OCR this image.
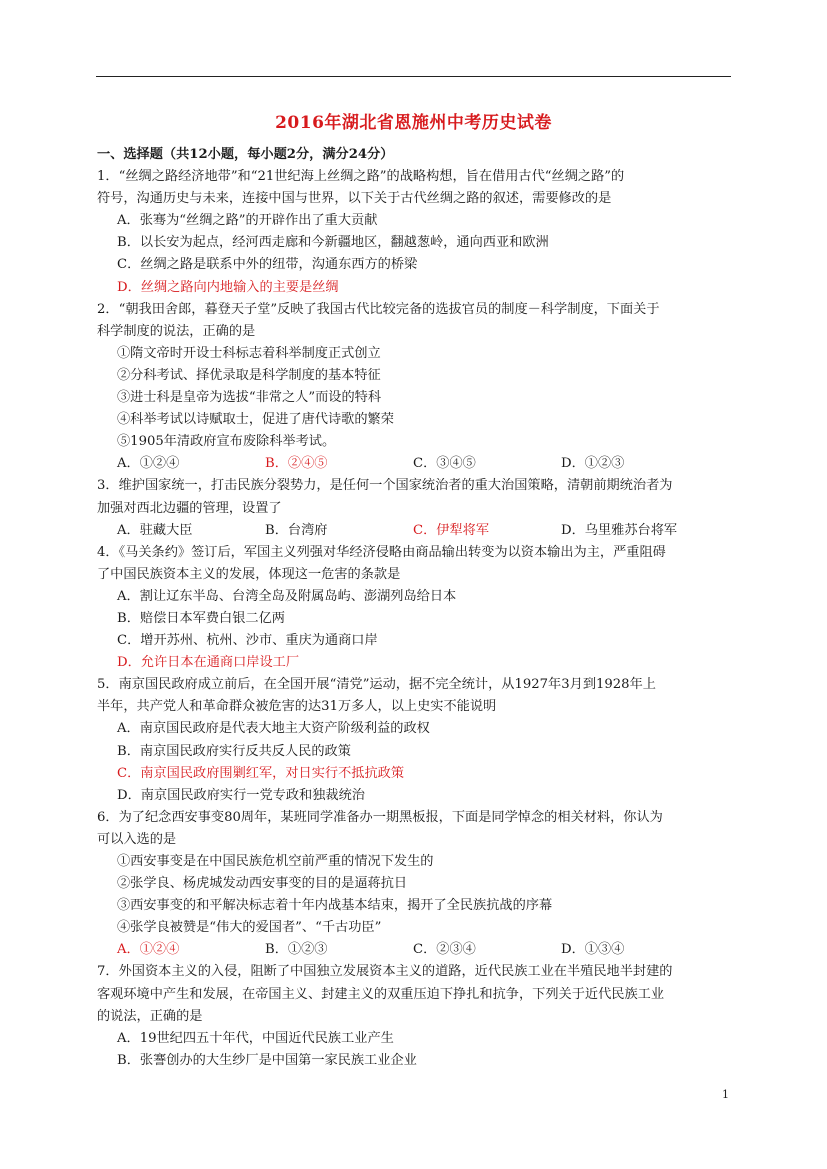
2016年湖北省恩施州中考历史试卷
一、选择题（共12小题，每小题2分，满分24分）
1．“丝绸之路经济地带”和“21世纪海上丝绸之路”的战略构想，旨在借用古代“丝绸之路”的
符号，沟通历史与未来，连接中国与世界，以下关于古代丝绸之路的叙述，需要修改的是
A．张骞为“丝绸之路”的开辟作出了重大贡献
B．以长安为起点，经河西走廊和今新疆地区，翻越葱岭，通向西亚和欧洲
C．丝绸之路是联系中外的纽带，沟通东西方的桥梁
D．丝绸之路向内地输入的主要是丝绸
2．“朝我田舍郎，暮登天子堂”反映了我国古代比较完备的选拔官员的制度－科学制度，下面关于
科学制度的说法，正确的是
①隋文帝时开设士科标志着科举制度正式创立
②分科考试、择优录取是科学制度的基本特征
③进士科是皇帝为选拔“非常之人”而设的特科
④科举考试以诗赋取士，促进了唐代诗歌的繁荣
⑤1905年清政府宣布废除科举考试。
A．①②④	B．②④⑤	C．③④⑤	D．①②③
3．维护国家统一，打击民族分裂势力，是任何一个国家统治者的重大治国策略，清朝前期统治者为
加强对西北边疆的管理，设置了
A．驻藏大臣	B．台湾府	C．伊犁将军	D．乌里雅苏台将军
4．《马关条约》签订后，军国主义列强对华经济侵略由商品输出转变为以资本输出为主，严重阻碍
了中国民族资本主义的发展，体现这一危害的条款是
A．割让辽东半岛、台湾全岛及附属岛屿、澎湖列岛给日本
B．赔偿日本军费白银二亿两
C．增开苏州、杭州、沙市、重庆为通商口岸
D．允许日本在通商口岸设工厂
5．南京国民政府成立前后，在全国开展“清党”运动，据不完全统计，从1927年3月到1928年上
半年，共产党人和革命群众被危害的达31万多人，以上史实不能说明
A．南京国民政府是代表大地主大资产阶级利益的政权
B．南京国民政府实行反共反人民的政策
C．南京国民政府围剿红军，对日实行不抵抗政策
D．南京国民政府实行一党专政和独裁统治
6．为了纪念西安事变80周年，某班同学准备办一期黑板报，下面是同学悼念的相关材料，你认为
可以入选的是
①西安事变是在中国民族危机空前严重的情况下发生的
②张学良、杨虎城发动西安事变的目的是逼蒋抗日
③西安事变的和平解决标志着十年内战基本结束，揭开了全民族抗战的序幕
④张学良被赞是“伟大的爱国者”、“千古功臣”
A．①②④	B．①②③	C．②③④	D．①③④
7．外国资本主义的入侵，阻断了中国独立发展资本主义的道路，近代民族工业在半殖民地半封建的
客观环境中产生和发展，在帝国主义、封建主义的双重压迫下挣扎和抗争，下列关于近代民族工业
的说法，正确的是
A．19世纪四五十年代，中国近代民族工业产生
B．张謇创办的大生纱厂是中国第一家民族工业企业
1
